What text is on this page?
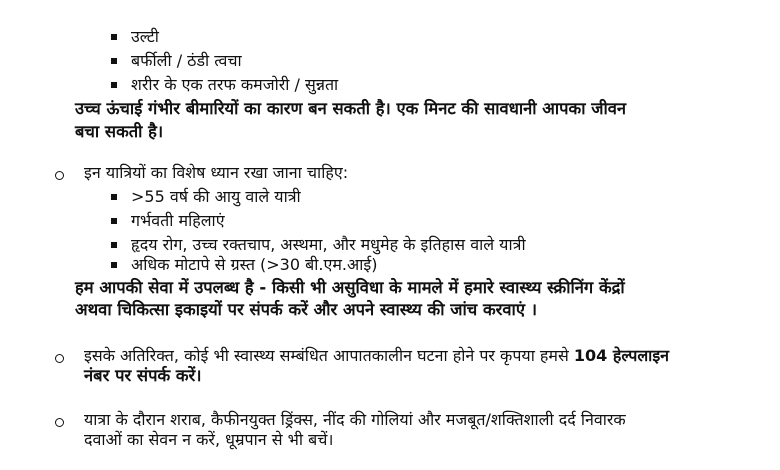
उल्टी
बर्फीली / ठंडी त्वचा
शरीर के एक तरफ कमजोरी / सुन्नता
उच्च ऊंचाई गंभीर बीमारियों का कारण बन सकती है। एक मिनट की सावधानी आपका जीवन
बचा सकती है।
इन यात्रियों का विशेष ध्यान रखा जाना चाहिए:
>55 वर्ष की आयु वाले यात्री
गर्भवती महिलाएं
हृदय रोग, उच्च रक्तचाप, अस्थमा, और मधुमेह के इतिहास वाले यात्री
अधिक मोटापे से ग्रस्त (>30 बी.एम.आई)
हम आपकी सेवा में उपलब्ध है - किसी भी असुविधा के मामले में हमारे स्वास्थ्य स्क्रीनिंग केंद्रों
अथवा चिकित्सा इकाइयों पर संपर्क करें और अपने स्वास्थ्य की जांच करवाएं ।
इसके अतिरिक्त, कोई भी स्वास्थ्य सम्बंधित आपातकालीन घटना होने पर कृपया हमसे 104 हेल्पलाइन
नंबर पर संपर्क करें।
यात्रा के दौरान शराब, कैफीनयुक्त ड्रिंक्स, नींद की गोलियां और मजबूत/शक्तिशाली दर्द निवारक
दवाओं का सेवन न करें, धूम्रपान से भी बचें।
